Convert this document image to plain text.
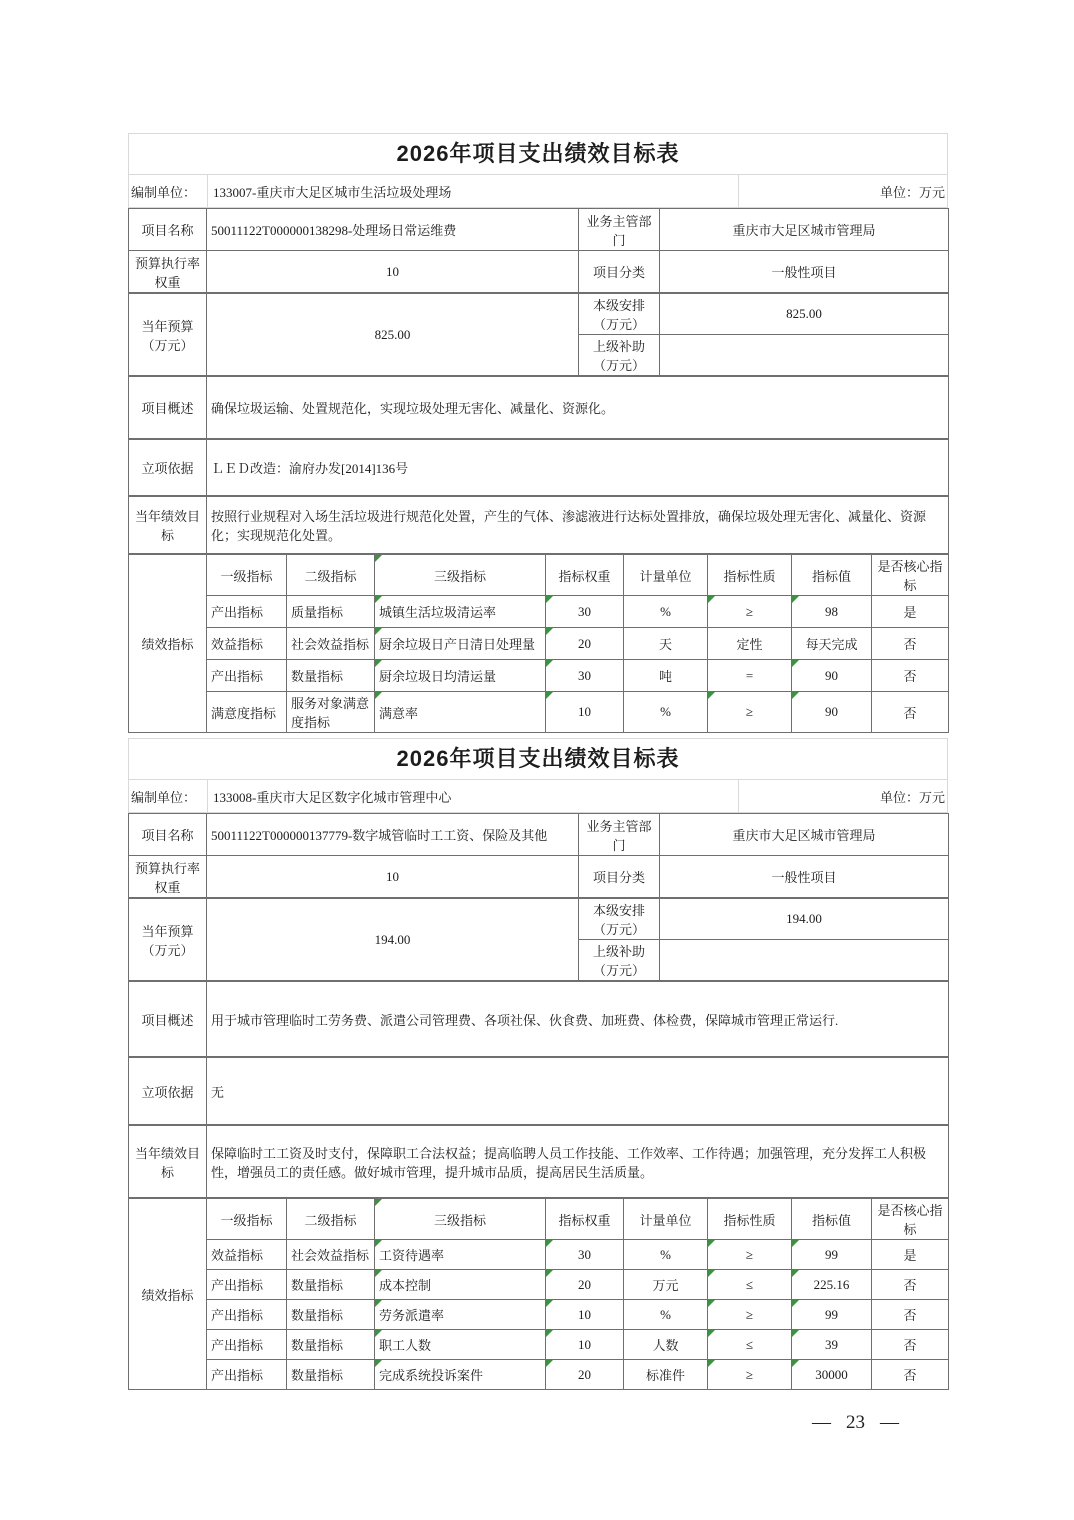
2026年项目支出绩效目标表
编制单位：	133007-重庆市大足区城市生活垃圾处理场	单位：万元
项目名称	50011122T000000138298-处理场日常运维费	业务主管部门	重庆市大足区城市管理局
预算执行率权重	10	项目分类	一般性项目
当年预算（万元）	825.00	本级安排（万元）	825.00
		上级补助（万元）	
项目概述	确保垃圾运输、处置规范化，实现垃圾处理无害化、减量化、资源化。
立项依据	ＬＥＤ改造：渝府办发[2014]136号
当年绩效目标	按照行业规程对入场生活垃圾进行规范化处置，产生的气体、渗滤液进行达标处置排放，确保垃圾处理无害化、减量化、资源化；实现规范化处置。
绩效指标	一级指标	二级指标	三级指标	指标权重	计量单位	指标性质	指标值	是否核心指标
	产出指标	质量指标	城镇生活垃圾清运率	30	%	≥	98	是
	效益指标	社会效益指标	厨余垃圾日产日清日处理量	20	天	定性	每天完成	否
	产出指标	数量指标	厨余垃圾日均清运量	30	吨	=	90	否
	满意度指标	服务对象满意度指标	满意率	10	%	≥	90	否
2026年项目支出绩效目标表
编制单位：	133008-重庆市大足区数字化城市管理中心	单位：万元
项目名称	50011122T000000137779-数字城管临时工工资、保险及其他	业务主管部门	重庆市大足区城市管理局
预算执行率权重	10	项目分类	一般性项目
当年预算（万元）	194.00	本级安排（万元）	194.00
		上级补助（万元）	
项目概述	用于城市管理临时工劳务费、派遣公司管理费、各项社保、伙食费、加班费、体检费，保障城市管理正常运行.
立项依据	无
当年绩效目标	保障临时工工资及时支付，保障职工合法权益；提高临聘人员工作技能、工作效率、工作待遇；加强管理，充分发挥工人积极性，增强员工的责任感。做好城市管理，提升城市品质，提高居民生活质量。
绩效指标	一级指标	二级指标	三级指标	指标权重	计量单位	指标性质	指标值	是否核心指标
	效益指标	社会效益指标	工资待遇率	30	%	≥	99	是
	产出指标	数量指标	成本控制	20	万元	≤	225.16	否
	产出指标	数量指标	劳务派遣率	10	%	≥	99	否
	产出指标	数量指标	职工人数	10	人数	≤	39	否
	产出指标	数量指标	完成系统投诉案件	20	标准件	≥	30000	否
— 23 —
